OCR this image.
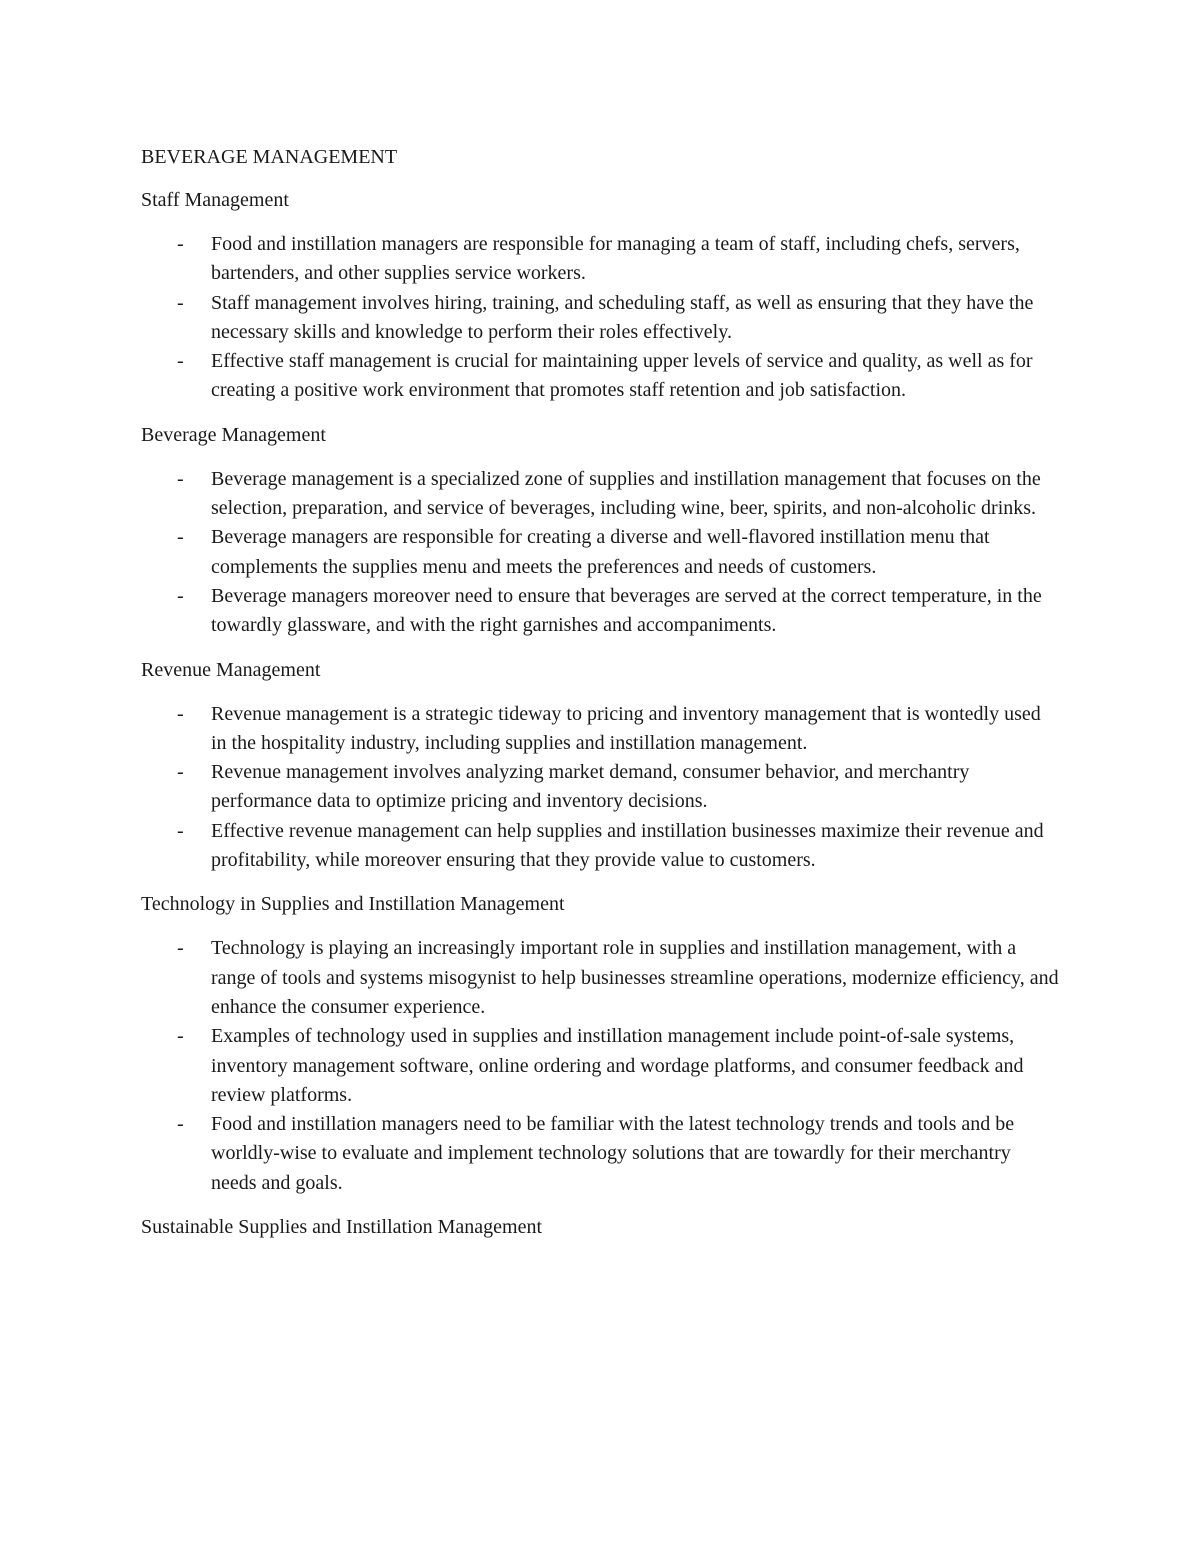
BEVERAGE MANAGEMENT
Staff Management
- Food and instillation managers are responsible for managing a team of staff, including chefs, servers, bartenders, and other supplies service workers.
- Staff management involves hiring, training, and scheduling staff, as well as ensuring that they have the necessary skills and knowledge to perform their roles effectively.
- Effective staff management is crucial for maintaining upper levels of service and quality, as well as for creating a positive work environment that promotes staff retention and job satisfaction.
Beverage Management
- Beverage management is a specialized zone of supplies and instillation management that focuses on the selection, preparation, and service of beverages, including wine, beer, spirits, and non-alcoholic drinks.
- Beverage managers are responsible for creating a diverse and well-flavored instillation menu that complements the supplies menu and meets the preferences and needs of customers.
- Beverage managers moreover need to ensure that beverages are served at the correct temperature, in the towardly glassware, and with the right garnishes and accompaniments.
Revenue Management
- Revenue management is a strategic tideway to pricing and inventory management that is wontedly used in the hospitality industry, including supplies and instillation management.
- Revenue management involves analyzing market demand, consumer behavior, and merchantry performance data to optimize pricing and inventory decisions.
- Effective revenue management can help supplies and instillation businesses maximize their revenue and profitability, while moreover ensuring that they provide value to customers.
Technology in Supplies and Instillation Management
- Technology is playing an increasingly important role in supplies and instillation management, with a range of tools and systems misogynist to help businesses streamline operations, modernize efficiency, and enhance the consumer experience.
- Examples of technology used in supplies and instillation management include point-of-sale systems, inventory management software, online ordering and wordage platforms, and consumer feedback and review platforms.
- Food and instillation managers need to be familiar with the latest technology trends and tools and be worldly-wise to evaluate and implement technology solutions that are towardly for their merchantry needs and goals.
Sustainable Supplies and Instillation Management
